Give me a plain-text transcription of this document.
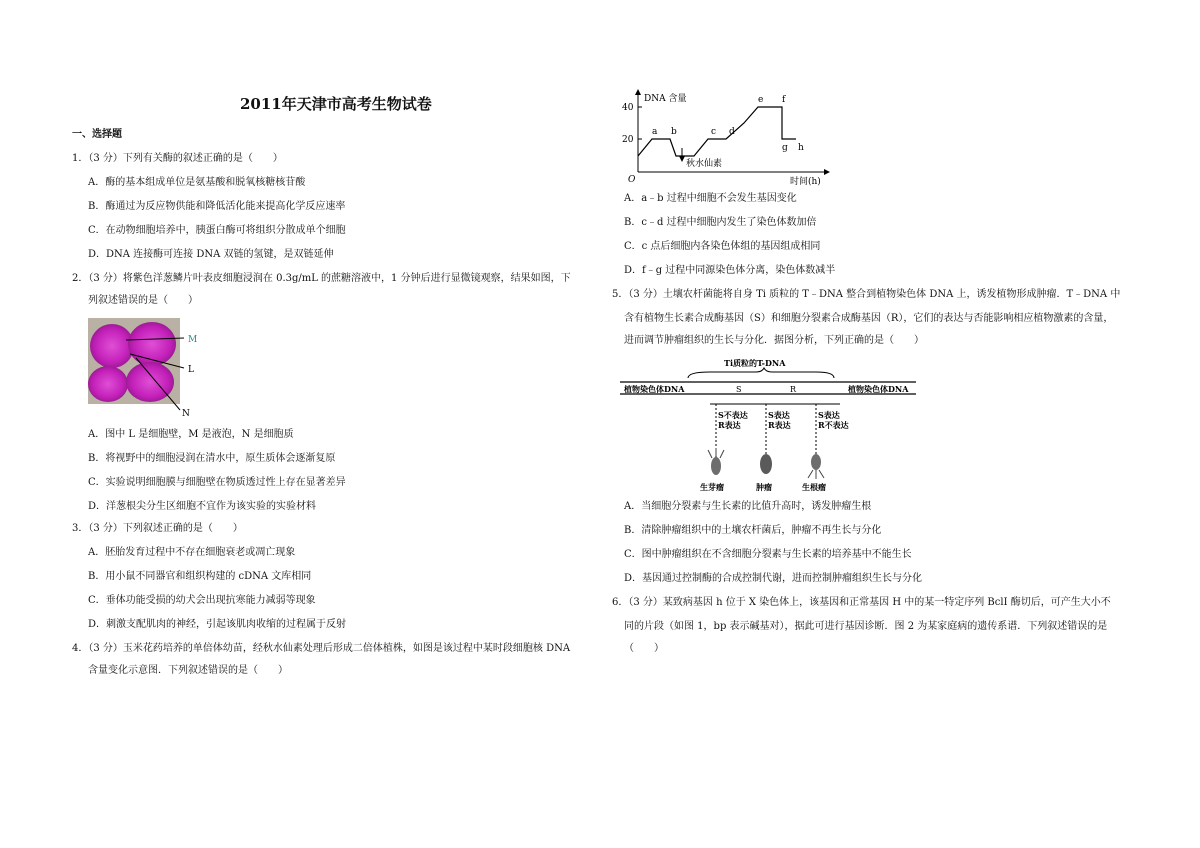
2011年天津市高考生物试卷
一、选择题
1．（3 分）下列有关酶的叙述正确的是（　　）
A．酶的基本组成单位是氨基酸和脱氧核糖核苷酸
B．酶通过为反应物供能和降低活化能来提高化学反应速率
C．在动物细胞培养中，胰蛋白酶可将组织分散成单个细胞
D．DNA 连接酶可连接 DNA 双链的氢键，是双链延伸
2．（3 分）将紫色洋葱鳞片叶表皮细胞浸润在 0.3g/mL 的蔗糖溶液中，1 分钟后进行显微镜观察，结果如图，下
列叙述错误的是（　　）
M
L
N
A．图中 L 是细胞壁，M 是液泡，N 是细胞质
B．将视野中的细胞浸润在清水中，原生质体会逐渐复原
C．实验说明细胞膜与细胞壁在物质透过性上存在显著差异
D．洋葱根尖分生区细胞不宜作为该实验的实验材料
3．（3 分）下列叙述正确的是（　　）
A．胚胎发育过程中不存在细胞衰老或凋亡现象
B．用小鼠不同器官和组织构建的 cDNA 文库相同
C．垂体功能受损的幼犬会出现抗寒能力减弱等现象
D．刺激支配肌肉的神经，引起该肌肉收缩的过程属于反射
4．（3 分）玉米花药培养的单倍体幼苗，经秋水仙素处理后形成二倍体植株，如图是该过程中某时段细胞核 DNA
含量变化示意图．下列叙述错误的是（　　）
DNA 含量
40
20
a b	c d
e f
g h
秋水仙素
O	时间(h)
A．a﹣b 过程中细胞不会发生基因变化
B．c﹣d 过程中细胞内发生了染色体数加倍
C．c 点后细胞内各染色体组的基因组成相同
D．f﹣g 过程中同源染色体分离，染色体数减半
5．（3 分）土壤农杆菌能将自身 Ti 质粒的 T﹣DNA 整合到植物染色体 DNA 上，诱发植物形成肿瘤．T﹣DNA 中
含有植物生长素合成酶基因（S）和细胞分裂素合成酶基因（R），它们的表达与否能影响相应植物激素的含量，
进而调节肿瘤组织的生长与分化．据图分析，下列正确的是（　　）
Ti质粒的T-DNA
植物染色体DNA	植物染色体DNA
S	R
S不表达
R表达
S表达
R表达
S表达
R不表达
生芽瘤	肿瘤	生根瘤
A．当细胞分裂素与生长素的比值升高时，诱发肿瘤生根
B．清除肿瘤组织中的土壤农杆菌后，肿瘤不再生长与分化
C．图中肿瘤组织在不含细胞分裂素与生长素的培养基中不能生长
D．基因通过控制酶的合成控制代谢，进而控制肿瘤组织生长与分化
6．（3 分）某致病基因 h 位于 X 染色体上，该基因和正常基因 H 中的某一特定序列 BclI 酶切后，可产生大小不
同的片段（如图 1，bp 表示碱基对），据此可进行基因诊断．图 2 为某家庭病的遗传系谱．下列叙述错误的是
（　　）
